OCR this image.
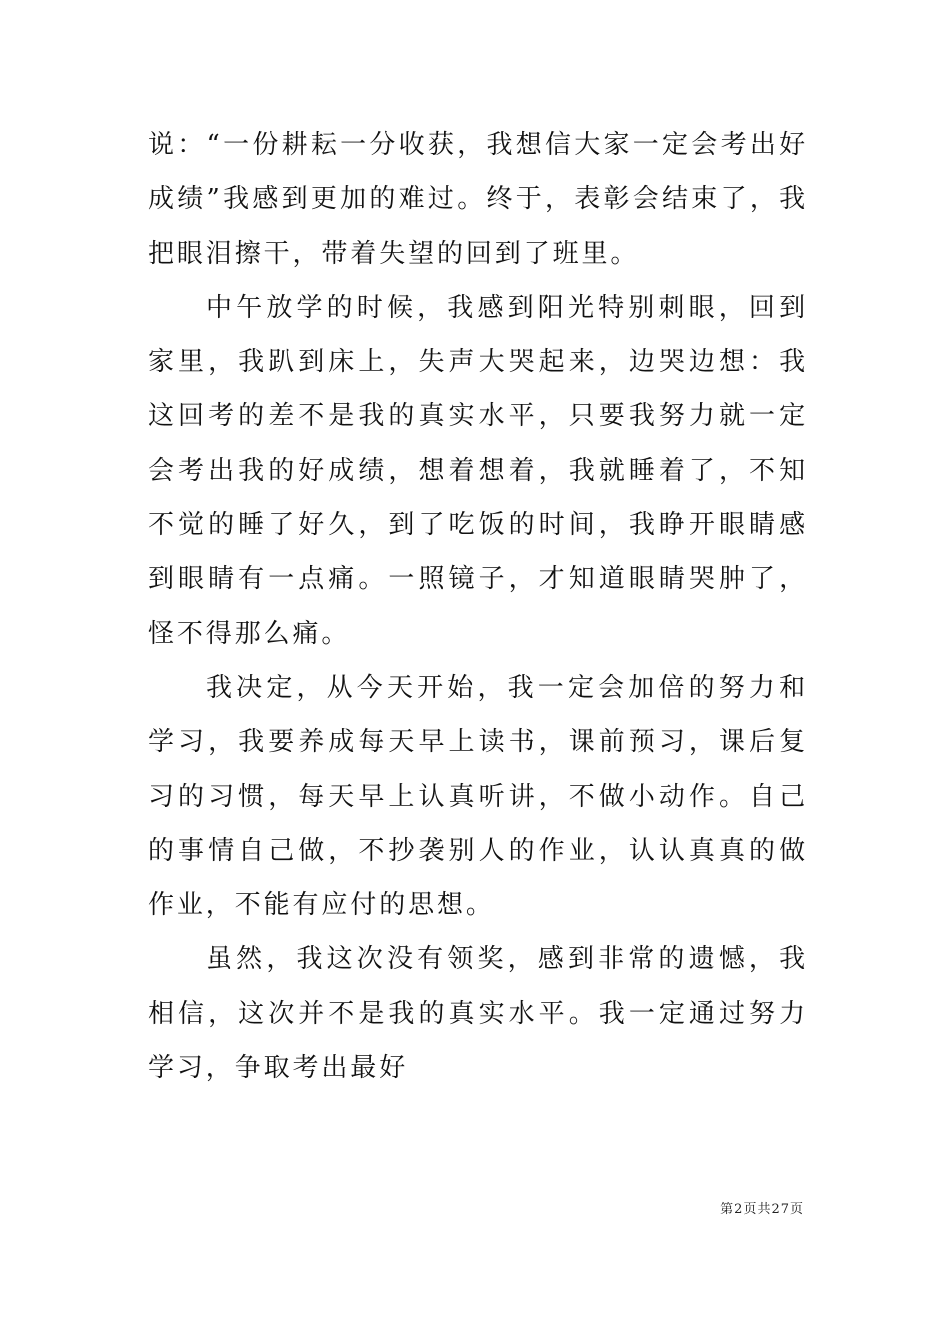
说：“一份耕耘一分收获，我想信大家一定会考出好成绩”我感到更加的难过。终于，表彰会结束了，我把眼泪擦干，带着失望的回到了班里。

中午放学的时候，我感到阳光特别刺眼，回到家里，我趴到床上，失声大哭起来，边哭边想：我这回考的差不是我的真实水平，只要我努力就一定会考出我的好成绩，想着想着，我就睡着了，不知不觉的睡了好久，到了吃饭的时间，我睁开眼睛感到眼睛有一点痛。一照镜子，才知道眼睛哭肿了，怪不得那么痛。

我决定，从今天开始，我一定会加倍的努力和学习，我要养成每天早上读书，课前预习，课后复习的习惯，每天早上认真听讲，不做小动作。自己的事情自己做，不抄袭别人的作业，认认真真的做作业，不能有应付的思想。

虽然，我这次没有领奖，感到非常的遗憾，我相信，这次并不是我的真实水平。我一定通过努力学习，争取考出最好

第2页共27页
